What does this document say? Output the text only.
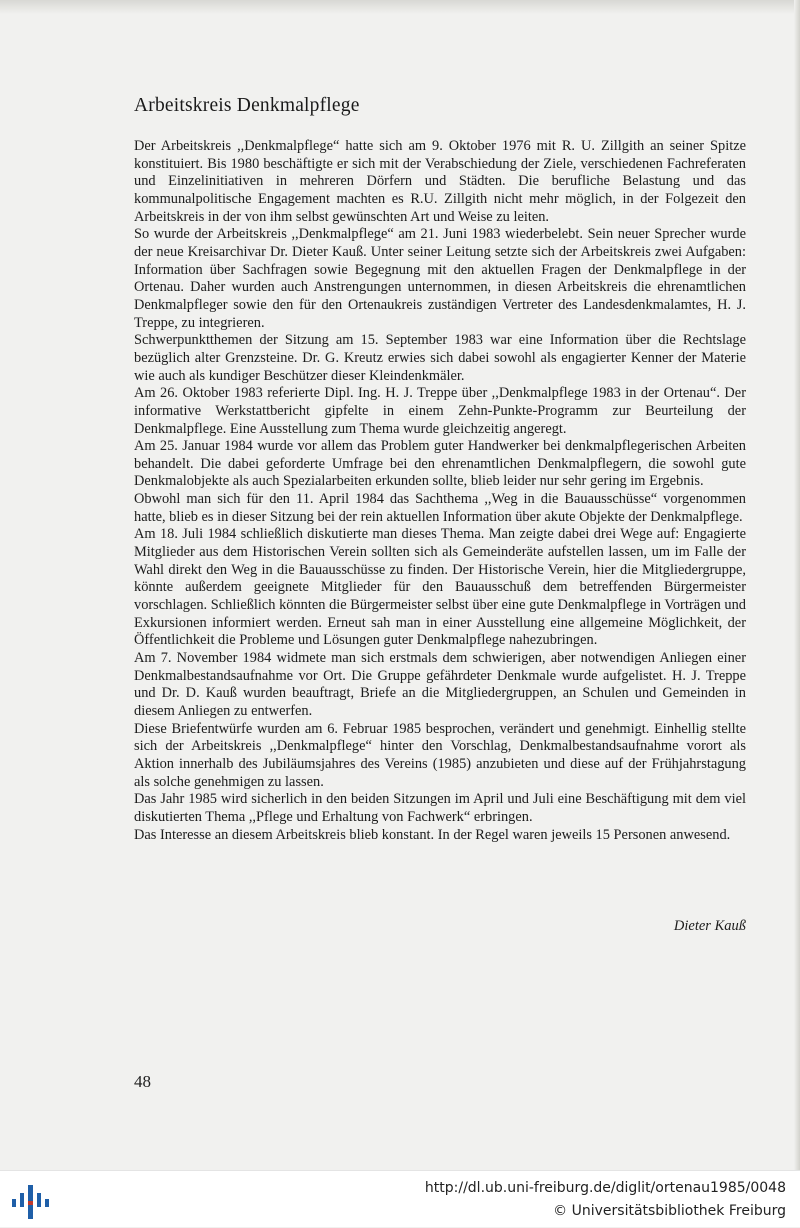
Arbeitskreis Denkmalpflege

Der Arbeitskreis ,,Denkmalpflege“ hatte sich am 9. Oktober 1976 mit R. U. Zillgith an seiner Spitze konstituiert. Bis 1980 beschäftigte er sich mit der Verabschiedung der Ziele, verschiedenen Fachreferaten und Einzelinitiativen in mehreren Dörfern und Städten. Die berufliche Belastung und das kommunalpolitische Engagement machten es R.U. Zillgith nicht mehr möglich, in der Folgezeit den Arbeitskreis in der von ihm selbst gewünschten Art und Weise zu leiten.

So wurde der Arbeitskreis ,,Denkmalpflege“ am 21. Juni 1983 wiederbelebt. Sein neuer Sprecher wurde der neue Kreisarchivar Dr. Dieter Kauß. Unter seiner Leitung setzte sich der Arbeitskreis zwei Aufgaben: Information über Sachfragen sowie Begegnung mit den aktuellen Fragen der Denkmalpflege in der Ortenau. Daher wurden auch Anstrengungen unternommen, in diesen Arbeitskreis die ehrenamtlichen Denkmalpfleger sowie den für den Ortenaukreis zuständigen Vertreter des Landesdenkmalamtes, H. J. Treppe, zu integrieren.

Schwerpunktthemen der Sitzung am 15. September 1983 war eine Information über die Rechtslage bezüglich alter Grenzsteine. Dr. G. Kreutz erwies sich dabei sowohl als engagierter Kenner der Materie wie auch als kundiger Beschützer dieser Kleindenkmäler.

Am 26. Oktober 1983 referierte Dipl. Ing. H. J. Treppe über ,,Denkmalpflege 1983 in der Ortenau“. Der informative Werkstattbericht gipfelte in einem Zehn-Punkte-Programm zur Beurteilung der Denkmalpflege. Eine Ausstellung zum Thema wurde gleichzeitig angeregt.

Am 25. Januar 1984 wurde vor allem das Problem guter Handwerker bei denkmalpflegerischen Arbeiten behandelt. Die dabei geforderte Umfrage bei den ehrenamtlichen Denkmalpflegern, die sowohl gute Denkmalobjekte als auch Spezialarbeiten erkunden sollte, blieb leider nur sehr gering im Ergebnis.

Obwohl man sich für den 11. April 1984 das Sachthema ,,Weg in die Bauausschüsse“ vorgenommen hatte, blieb es in dieser Sitzung bei der rein aktuellen Information über akute Objekte der Denkmalpflege.

Am 18. Juli 1984 schließlich diskutierte man dieses Thema. Man zeigte dabei drei Wege auf: Engagierte Mitglieder aus dem Historischen Verein sollten sich als Gemeinderäte aufstellen lassen, um im Falle der Wahl direkt den Weg in die Bauausschüsse zu finden. Der Historische Verein, hier die Mitgliedergruppe, könnte außerdem geeignete Mitglieder für den Bauausschuß dem betreffenden Bürgermeister vorschlagen. Schließlich könnten die Bürgermeister selbst über eine gute Denkmalpflege in Vorträgen und Exkursionen informiert werden. Erneut sah man in einer Ausstellung eine allgemeine Möglichkeit, der Öffentlichkeit die Probleme und Lösungen guter Denkmalpflege nahezubringen.

Am 7. November 1984 widmete man sich erstmals dem schwierigen, aber notwendigen Anliegen einer Denkmalbestandsaufnahme vor Ort. Die Gruppe gefährdeter Denkmale wurde aufgelistet. H. J. Treppe und Dr. D. Kauß wurden beauftragt, Briefe an die Mitgliedergruppen, an Schulen und Gemeinden in diesem Anliegen zu entwerfen.

Diese Briefentwürfe wurden am 6. Februar 1985 besprochen, verändert und genehmigt. Einhellig stellte sich der Arbeitskreis ,,Denkmalpflege“ hinter den Vorschlag, Denkmalbestandsaufnahme vorort als Aktion innerhalb des Jubiläumsjahres des Vereins (1985) anzubieten und diese auf der Frühjahrstagung als solche genehmigen zu lassen.

Das Jahr 1985 wird sicherlich in den beiden Sitzungen im April und Juli eine Beschäftigung mit dem viel diskutierten Thema ,,Pflege und Erhaltung von Fachwerk“ erbringen.

Das Interesse an diesem Arbeitskreis blieb konstant. In der Regel waren jeweils 15 Personen anwesend.

Dieter Kauß
48
http://dl.ub.uni-freiburg.de/diglit/ortenau1985/0048
© Universitätsbibliothek Freiburg
